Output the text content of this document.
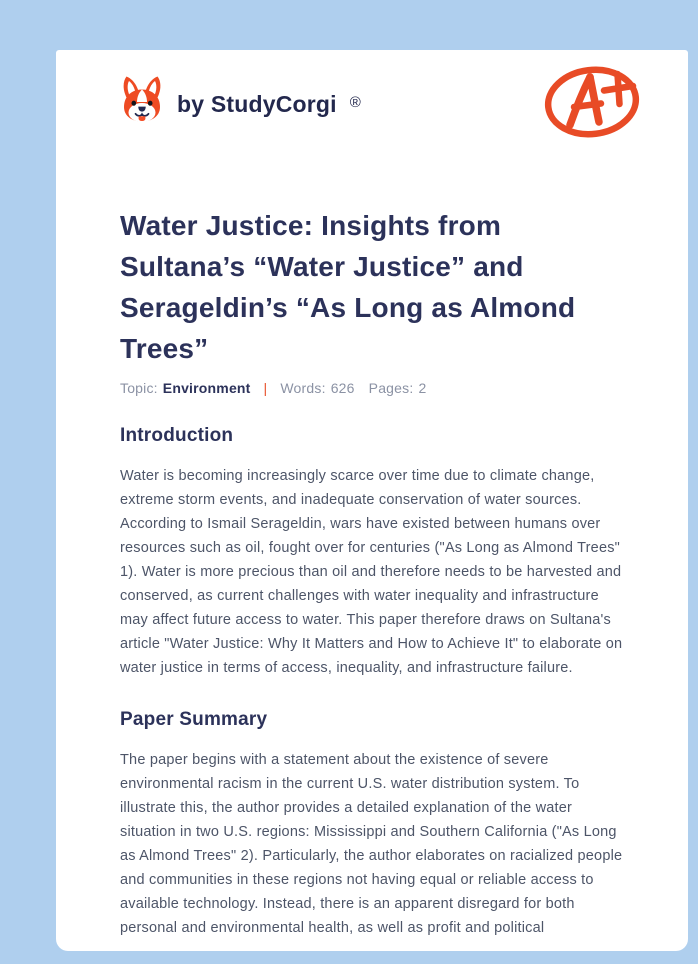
by StudyCorgi ®
Water Justice: Insights from Sultana’s “Water Justice” and Serageldin’s “As Long as Almond Trees”
Topic: Environment | Words: 626 Pages: 2
Introduction

Water is becoming increasingly scarce over time due to climate change, extreme storm events, and inadequate conservation of water sources. According to Ismail Serageldin, wars have existed between humans over resources such as oil, fought over for centuries ("As Long as Almond Trees" 1). Water is more precious than oil and therefore needs to be harvested and conserved, as current challenges with water inequality and infrastructure may affect future access to water. This paper therefore draws on Sultana's article "Water Justice: Why It Matters and How to Achieve It" to elaborate on water justice in terms of access, inequality, and infrastructure failure.

Paper Summary

The paper begins with a statement about the existence of severe environmental racism in the current U.S. water distribution system. To illustrate this, the author provides a detailed explanation of the water situation in two U.S. regions: Mississippi and Southern California ("As Long as Almond Trees" 2). Particularly, the author elaborates on racialized people and communities in these regions not having equal or reliable access to available technology. Instead, there is an apparent disregard for both personal and environmental health, as well as profit and political
